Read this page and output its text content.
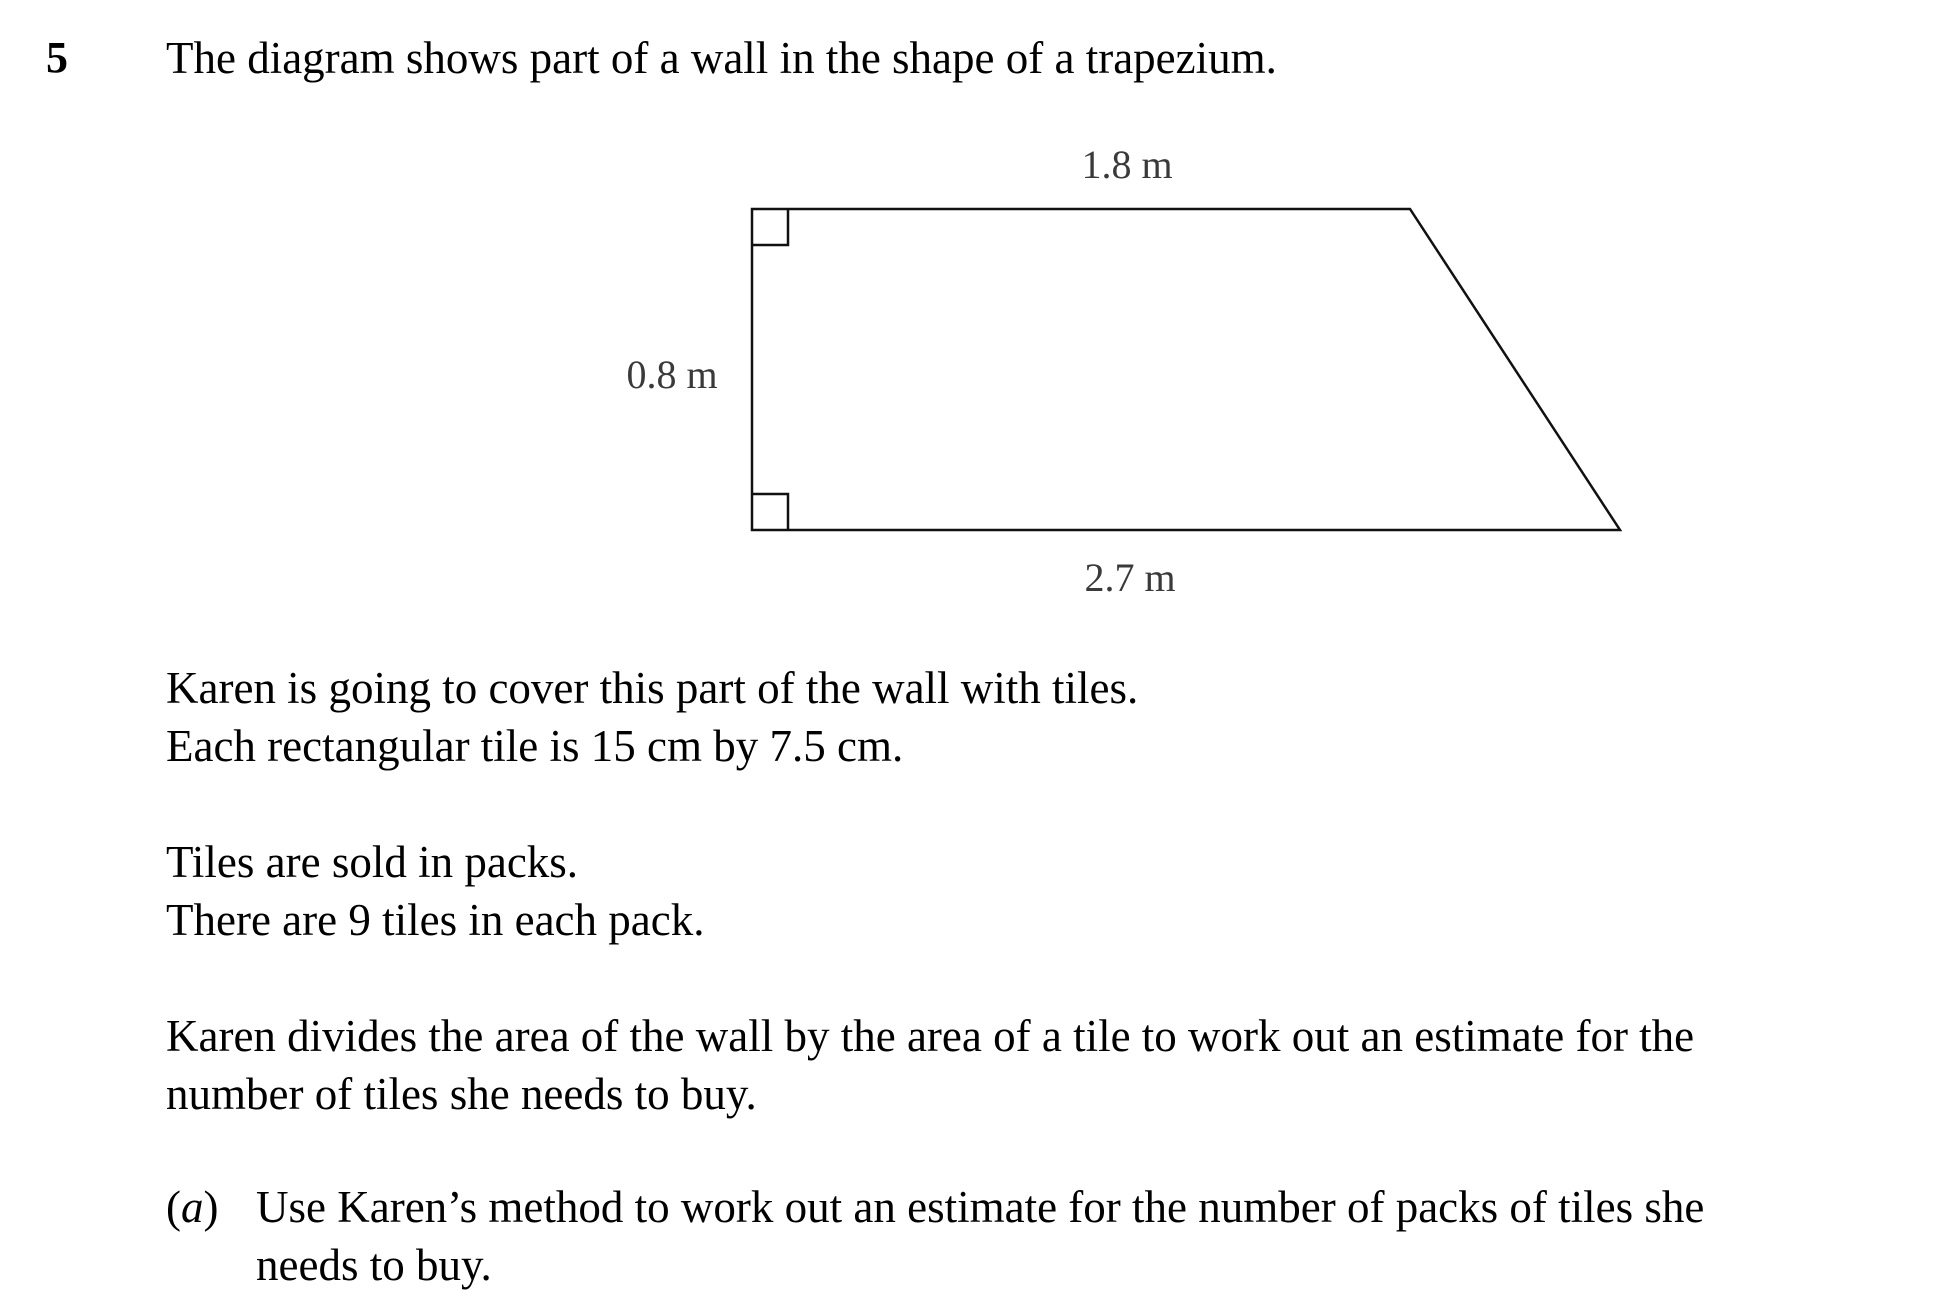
5 The diagram shows part of a wall in the shape of a trapezium.
1.8 m
0.8 m
2.7 m
Karen is going to cover this part of the wall with tiles.
Each rectangular tile is 15 cm by 7.5 cm.
Tiles are sold in packs.
There are 9 tiles in each pack.
Karen divides the area of the wall by the area of a tile to work out an estimate for the
number of tiles she needs to buy.
(a) Use Karen’s method to work out an estimate for the number of packs of tiles she
needs to buy.
